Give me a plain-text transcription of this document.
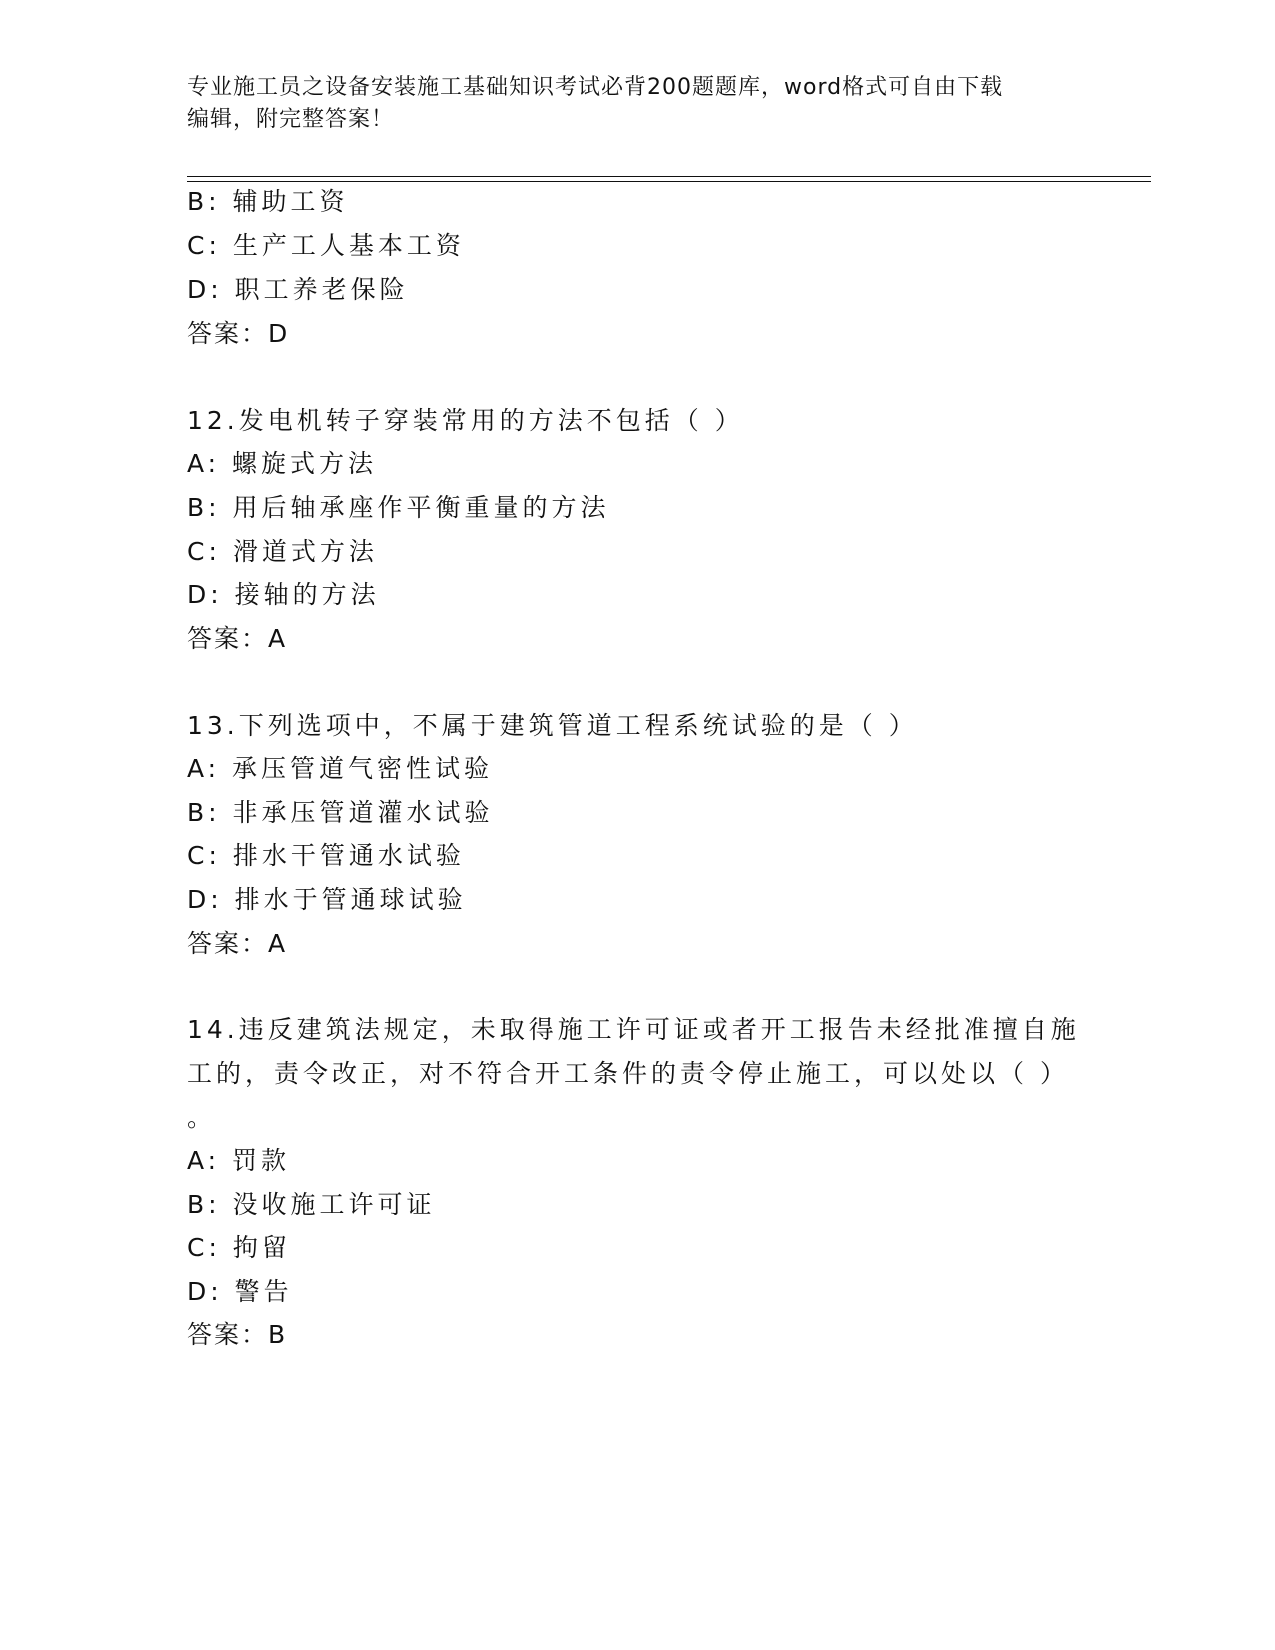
专业施工员之设备安装施工基础知识考试必背200题题库，word格式可自由下载
编辑，附完整答案！
B: 辅助工资
C: 生产工人基本工资
D: 职工养老保险
答案：D
12.发电机转子穿装常用的方法不包括（ ）
A: 螺旋式方法
B: 用后轴承座作平衡重量的方法
C: 滑道式方法
D: 接轴的方法
答案：A
13.下列选项中，不属于建筑管道工程系统试验的是（ ）
A: 承压管道气密性试验
B: 非承压管道灌水试验
C: 排水干管通水试验
D: 排水于管通球试验
答案：A
14.违反建筑法规定，未取得施工许可证或者开工报告未经批准擅自施
工的，责令改正，对不符合开工条件的责令停止施工，可以处以（ ）
。
A: 罚款
B: 没收施工许可证
C: 拘留
D: 警告
答案：B
